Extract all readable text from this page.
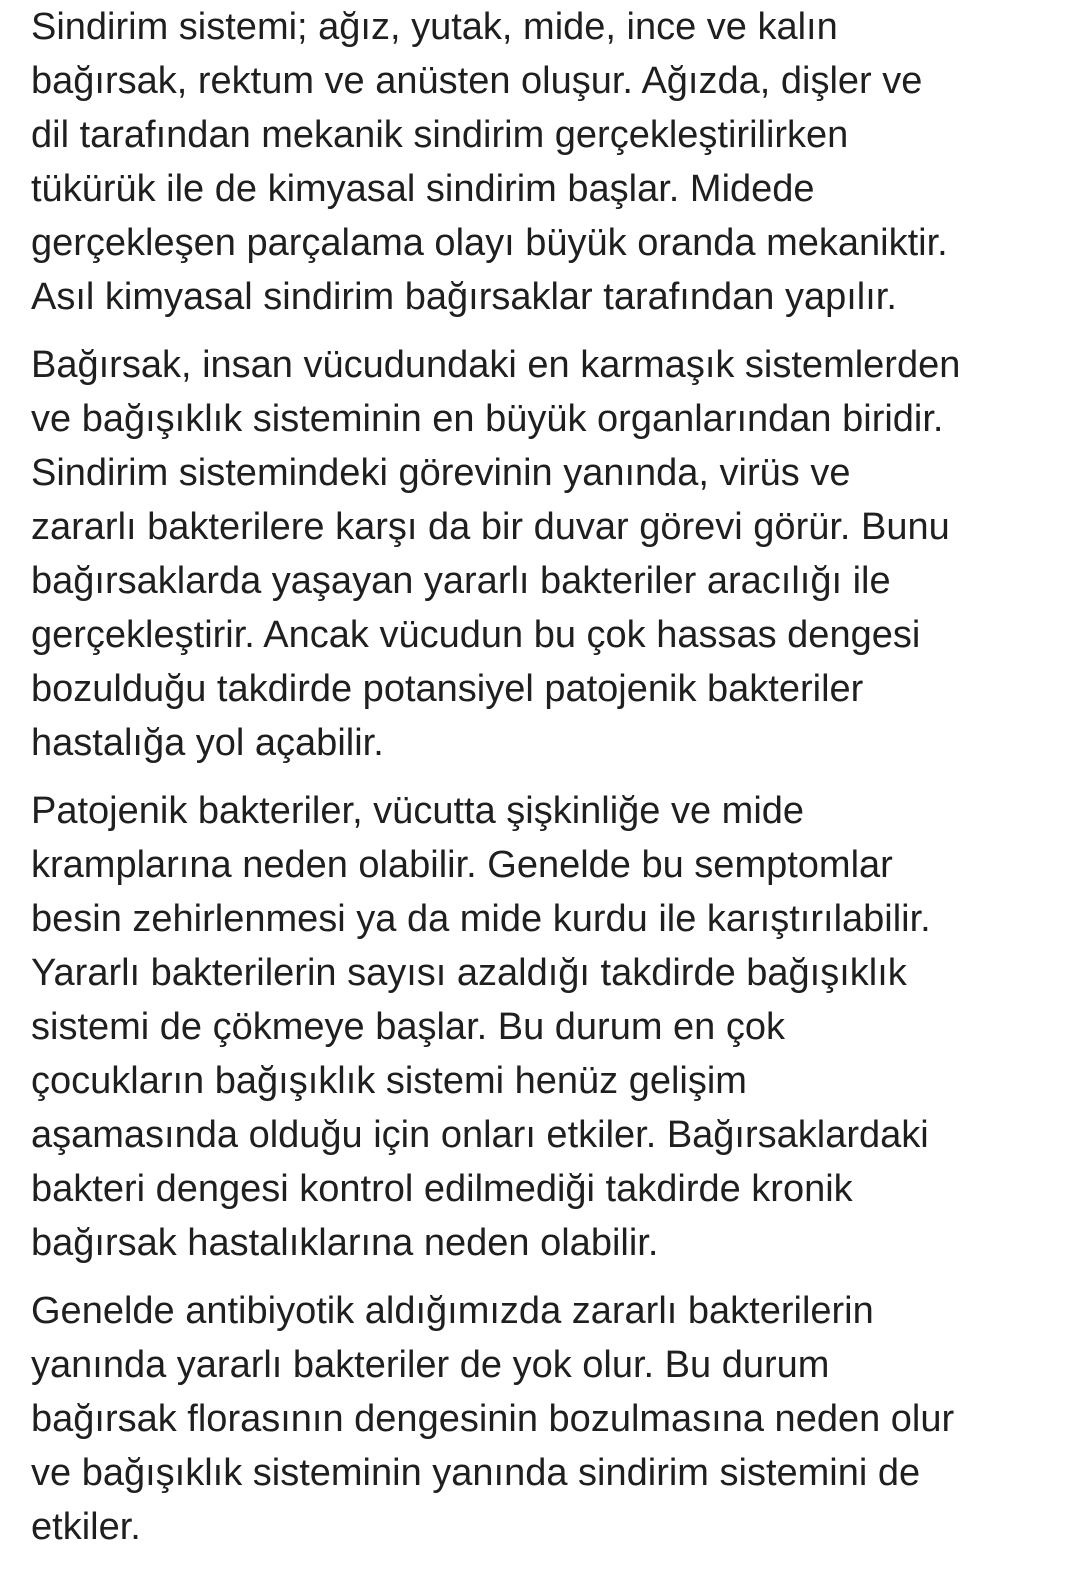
Sindirim sistemi; ağız, yutak, mide, ince ve kalın
bağırsak, rektum ve anüsten oluşur. Ağızda, dişler ve
dil tarafından mekanik sindirim gerçekleştirilirken
tükürük ile de kimyasal sindirim başlar. Midede
gerçekleşen parçalama olayı büyük oranda mekaniktir.
Asıl kimyasal sindirim bağırsaklar tarafından yapılır.

Bağırsak, insan vücudundaki en karmaşık sistemlerden
ve bağışıklık sisteminin en büyük organlarından biridir.
Sindirim sistemindeki görevinin yanında, virüs ve
zararlı bakterilere karşı da bir duvar görevi görür. Bunu
bağırsaklarda yaşayan yararlı bakteriler aracılığı ile
gerçekleştirir. Ancak vücudun bu çok hassas dengesi
bozulduğu takdirde potansiyel patojenik bakteriler
hastalığa yol açabilir.

Patojenik bakteriler, vücutta şişkinliğe ve mide
kramplarına neden olabilir. Genelde bu semptomlar
besin zehirlenmesi ya da mide kurdu ile karıştırılabilir.
Yararlı bakterilerin sayısı azaldığı takdirde bağışıklık
sistemi de çökmeye başlar. Bu durum en çok
çocukların bağışıklık sistemi henüz gelişim
aşamasında olduğu için onları etkiler. Bağırsaklardaki
bakteri dengesi kontrol edilmediği takdirde kronik
bağırsak hastalıklarına neden olabilir.

Genelde antibiyotik aldığımızda zararlı bakterilerin
yanında yararlı bakteriler de yok olur. Bu durum
bağırsak florasının dengesinin bozulmasına neden olur
ve bağışıklık sisteminin yanında sindirim sistemini de
etkiler.
